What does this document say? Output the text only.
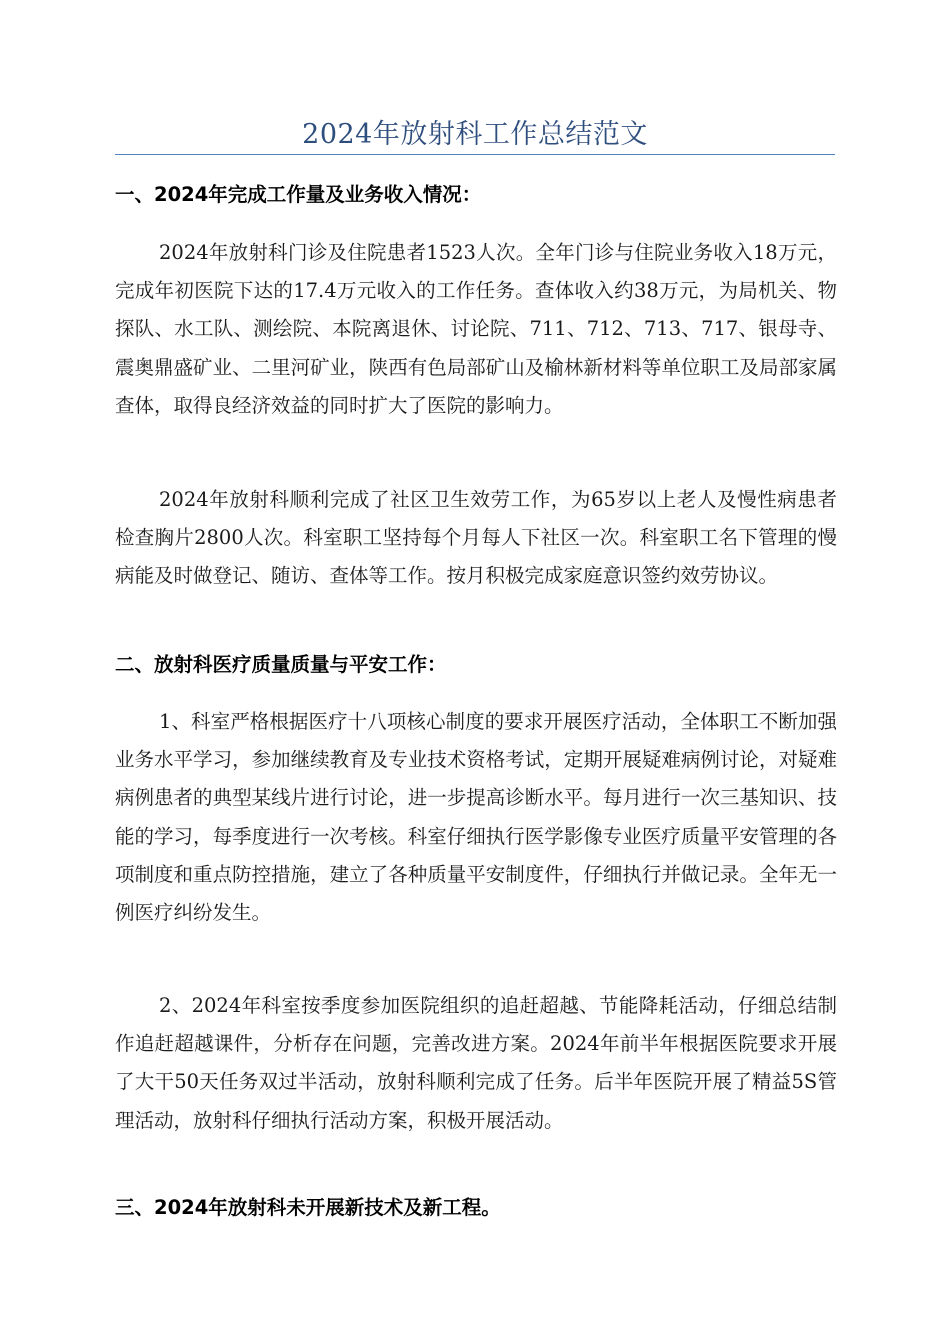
2024年放射科工作总结范文
一、2024年完成工作量及业务收入情况：

2024年放射科门诊及住院患者1523人次。全年门诊与住院业务收入18万元，完成年初医院下达的17.4万元收入的工作任务。查体收入约38万元，为局机关、物探队、水工队、测绘院、本院离退休、讨论院、711、712、713、717、银母寺、震奥鼎盛矿业、二里河矿业，陕西有色局部矿山及榆林新材料等单位职工及局部家属查体，取得良经济效益的同时扩大了医院的影响力。

2024年放射科顺利完成了社区卫生效劳工作，为65岁以上老人及慢性病患者检查胸片2800人次。科室职工坚持每个月每人下社区一次。科室职工名下管理的慢病能及时做登记、随访、查体等工作。按月积极完成家庭意识签约效劳协议。

二、放射科医疗质量质量与平安工作：

1、科室严格根据医疗十八项核心制度的要求开展医疗活动，全体职工不断加强业务水平学习，参加继续教育及专业技术资格考试，定期开展疑难病例讨论，对疑难病例患者的典型某线片进行讨论，进一步提高诊断水平。每月进行一次三基知识、技能的学习，每季度进行一次考核。科室仔细执行医学影像专业医疗质量平安管理的各项制度和重点防控措施，建立了各种质量平安制度件，仔细执行并做记录。全年无一例医疗纠纷发生。

2、2024年科室按季度参加医院组织的追赶超越、节能降耗活动，仔细总结制作追赶超越课件，分析存在问题，完善改进方案。2024年前半年根据医院要求开展了大干50天任务双过半活动，放射科顺利完成了任务。后半年医院开展了精益5S管理活动，放射科仔细执行活动方案，积极开展活动。

三、2024年放射科未开展新技术及新工程。
